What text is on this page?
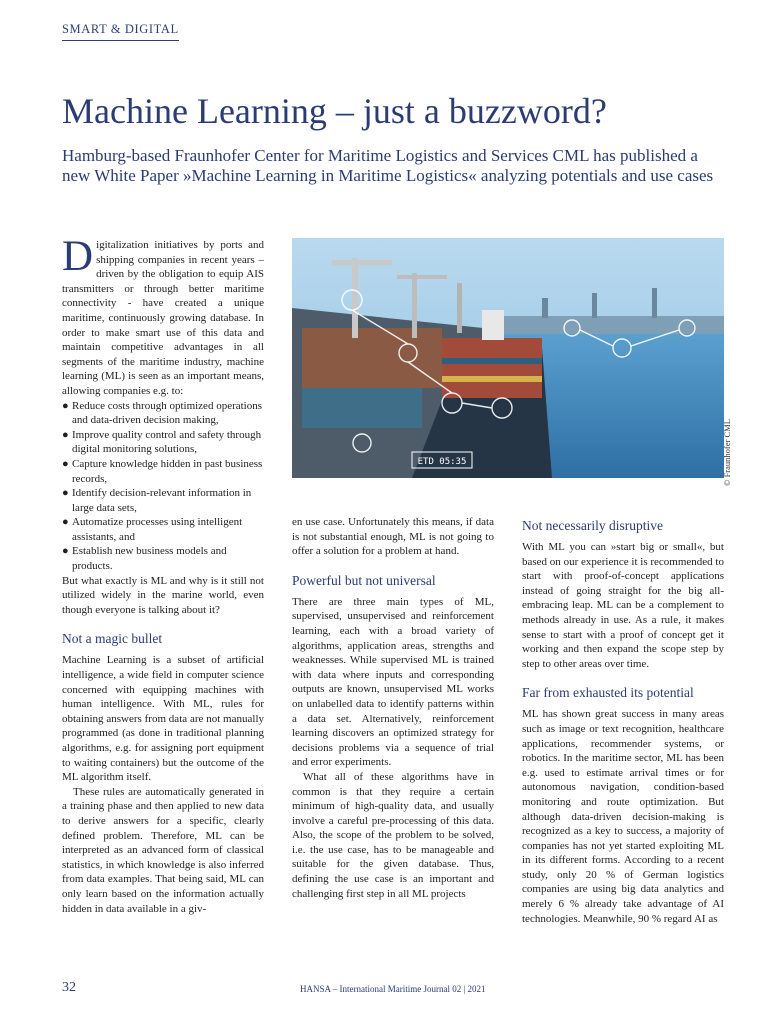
SMART & DIGITAL
Machine Learning – just a buzzword?

Hamburg-based Fraunhofer Center for Maritime Logistics and Services CML has published a new White Paper »Machine Learning in Maritime Logistics« analyzing potentials and use cases

Digitalization initiatives by ports and shipping companies in recent years – driven by the obligation to equip AIS transmitters or through better maritime connectivity - have created a unique maritime, continuously growing database. In order to make smart use of this data and maintain competitive advantages in all segments of the maritime industry, machine learning (ML) is seen as an important means, allowing companies e.g. to:

● Reduce costs through optimized operations and data-driven decision making,
● Improve quality control and safety through digital monitoring solutions,
● Capture knowledge hidden in past business records,
● Identify decision-relevant information in large data sets,
● Automatize processes using intelligent assistants, and
● Establish new business models and products.

But what exactly is ML and why is it still not utilized widely in the marine world, even though everyone is talking about it?

Not a magic bullet

Machine Learning is a subset of artificial intelligence, a wide field in computer science concerned with equipping machines with human intelligence. With ML, rules for obtaining answers from data are not manually programmed (as done in traditional planning algorithms, e.g. for assigning port equipment to waiting containers) but the outcome of the ML algorithm itself.

These rules are automatically generated in a training phase and then applied to new data to derive answers for a specific, clearly defined problem. Therefore, ML can be interpreted as an advanced form of classical statistics, in which knowledge is also inferred from data examples. That being said, ML can only learn based on the information actually hidden in data available in a giv-

ETD 05:35	© Fraunhofer CML

en use case. Unfortunately this means, if data is not substantial enough, ML is not going to offer a solution for a problem at hand.

Powerful but not universal

There are three main types of ML, supervised, unsupervised and reinforcement learning, each with a broad variety of algorithms, application areas, strengths and weaknesses. While supervised ML is trained with data where inputs and corresponding outputs are known, unsupervised ML works on unlabelled data to identify patterns within a data set. Alternatively, reinforcement learning discovers an optimized strategy for decisions problems via a sequence of trial and error experiments.

What all of these algorithms have in common is that they require a certain minimum of high-quality data, and usually involve a careful pre-processing of this data. Also, the scope of the problem to be solved, i.e. the use case, has to be manageable and suitable for the given database. Thus, defining the use case is an important and challenging first step in all ML projects

Not necessarily disruptive

With ML you can »start big or small«, but based on our experience it is recommended to start with proof-of-concept applications instead of going straight for the big all-embracing leap. ML can be a complement to methods already in use. As a rule, it makes sense to start with a proof of concept get it working and then expand the scope step by step to other areas over time.

Far from exhausted its potential

ML has shown great success in many areas such as image or text recognition, healthcare applications, recommender systems, or robotics. In the maritime sector, ML has been e.g. used to estimate arrival times or for autonomous navigation, condition-based monitoring and route optimization. But although data-driven decision-making is recognized as a key to success, a majority of companies has not yet started exploiting ML in its different forms. According to a recent study, only 20 % of German logistics companies are using big data analytics and merely 6 % already take advantage of AI technologies. Meanwhile, 90 % regard AI as

32	HANSA – International Maritime Journal 02 | 2021
